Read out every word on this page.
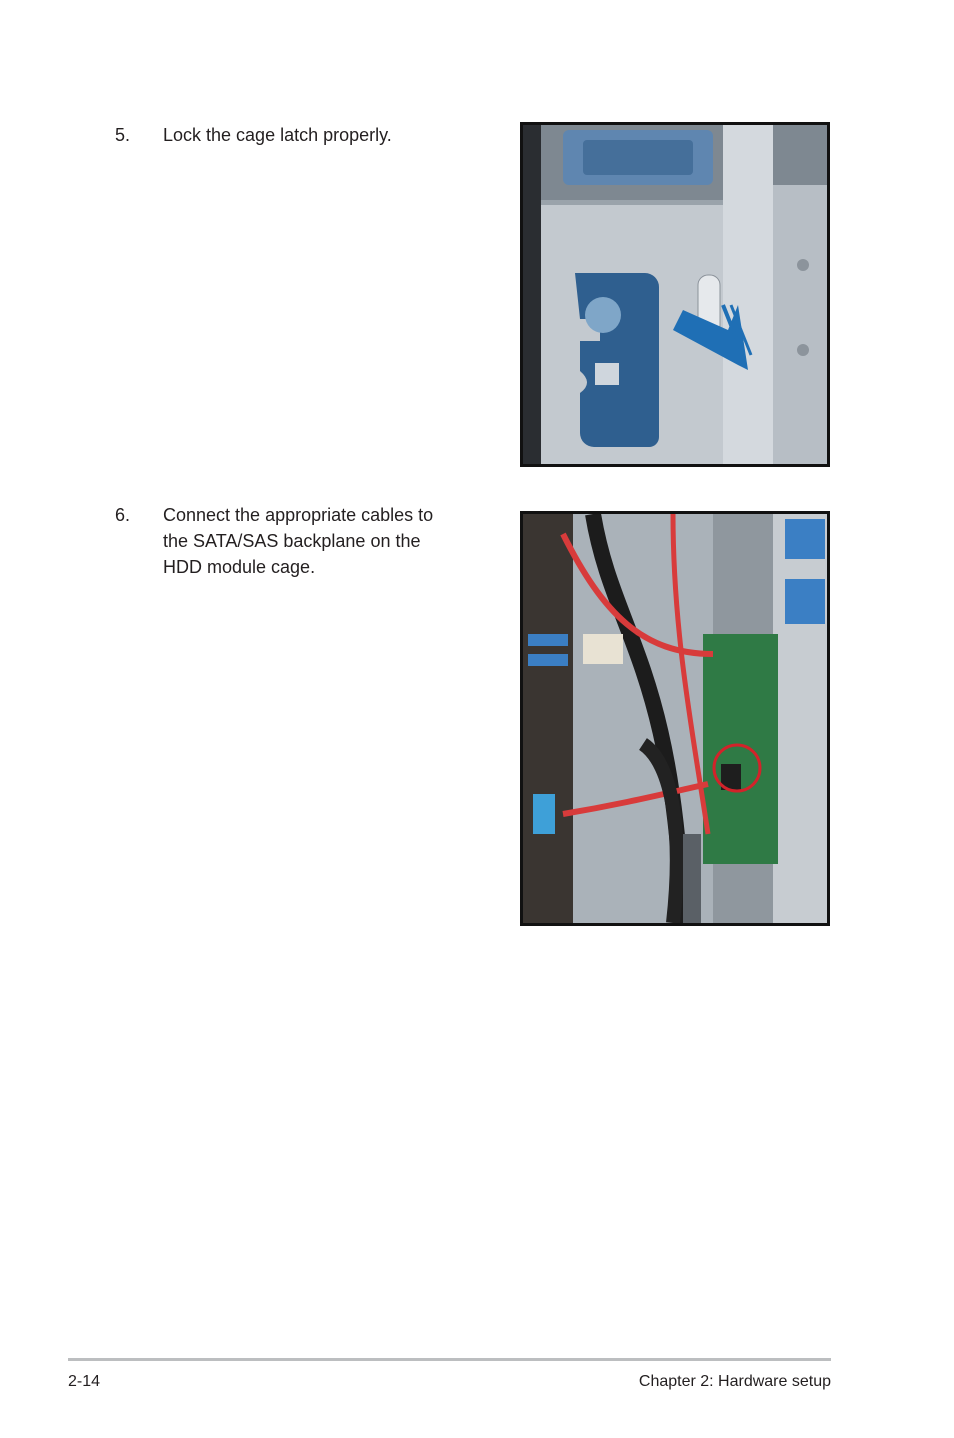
5. Lock the cage latch properly.
6. Connect the appropriate cables to the SATA/SAS backplane on the HDD module cage.
2-14	Chapter 2: Hardware setup
